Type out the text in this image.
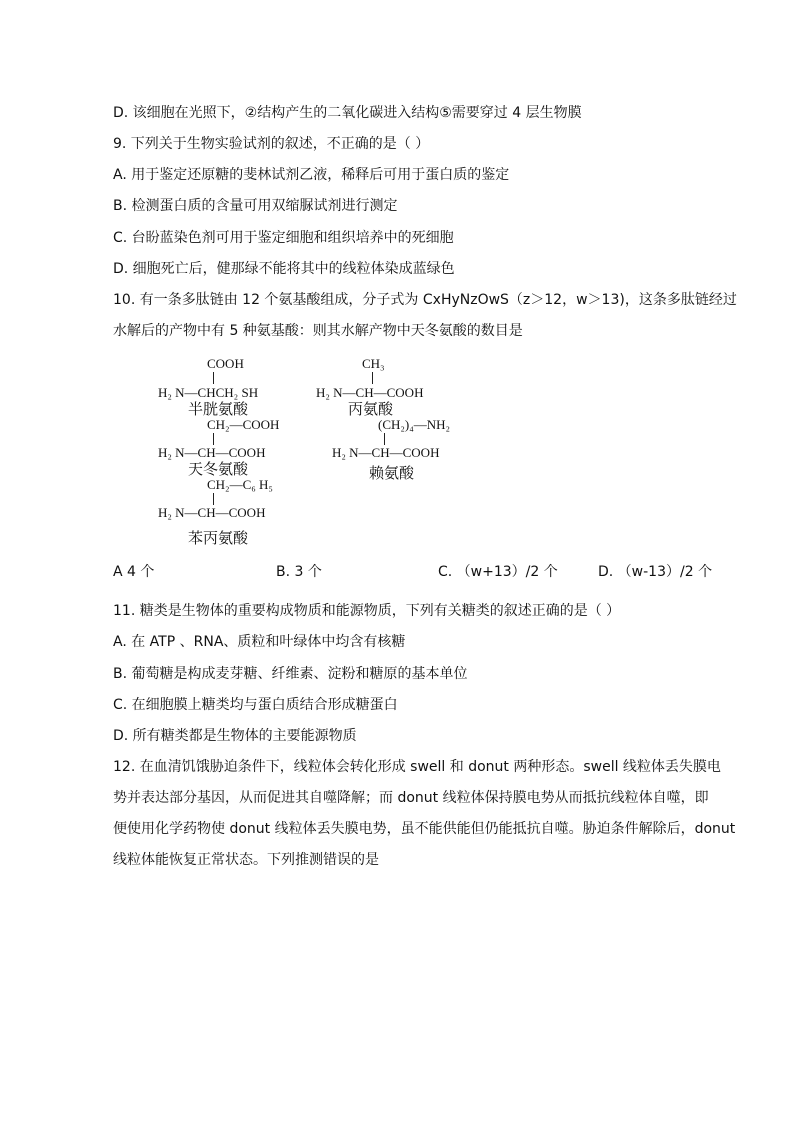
D. 该细胞在光照下，②结构产生的二氧化碳进入结构⑤需要穿过 4 层生物膜
9. 下列关于生物实验试剂的叙述，不正确的是（ ）
A. 用于鉴定还原糖的斐林试剂乙液，稀释后可用于蛋白质的鉴定
B. 检测蛋白质的含量可用双缩脲试剂进行测定
C. 台盼蓝染色剂可用于鉴定细胞和组织培养中的死细胞
D. 细胞死亡后，健那绿不能将其中的线粒体染成蓝绿色
10. 有一条多肽链由 12 个氨基酸组成，分子式为 CxHyNzOwS（z＞12，w＞13)，这条多肽链经过
水解后的产物中有 5 种氨基酸：则其水解产物中天冬氨酸的数目是
COOH
H₂ N—CHCH₂ SH
半胱氨酸
CH₃
H₂ N—CH—COOH
丙氨酸
CH₂—COOH
H₂ N—CH—COOH
天冬氨酸
(CH₂)₄—NH₂
H₂ N—CH—COOH
赖氨酸
CH₂—C₆ H₅
H₂ N—CH—COOH
苯丙氨酸
A 4 个	B. 3 个	C. （w+13）/2 个	D. （w-13）/2 个
11. 糖类是生物体的重要构成物质和能源物质，下列有关糖类的叙述正确的是（ ）
A. 在 ATP 、RNA、质粒和叶绿体中均含有核糖
B. 葡萄糖是构成麦芽糖、纤维素、淀粉和糖原的基本单位
C. 在细胞膜上糖类均与蛋白质结合形成糖蛋白
D. 所有糖类都是生物体的主要能源物质
12. 在血清饥饿胁迫条件下，线粒体会转化形成 swell 和 donut 两种形态。swell 线粒体丢失膜电
势并表达部分基因，从而促进其自噬降解；而 donut 线粒体保持膜电势从而抵抗线粒体自噬，即
便使用化学药物使 donut 线粒体丢失膜电势，虽不能供能但仍能抵抗自噬。胁迫条件解除后，donut
线粒体能恢复正常状态。下列推测错误的是
